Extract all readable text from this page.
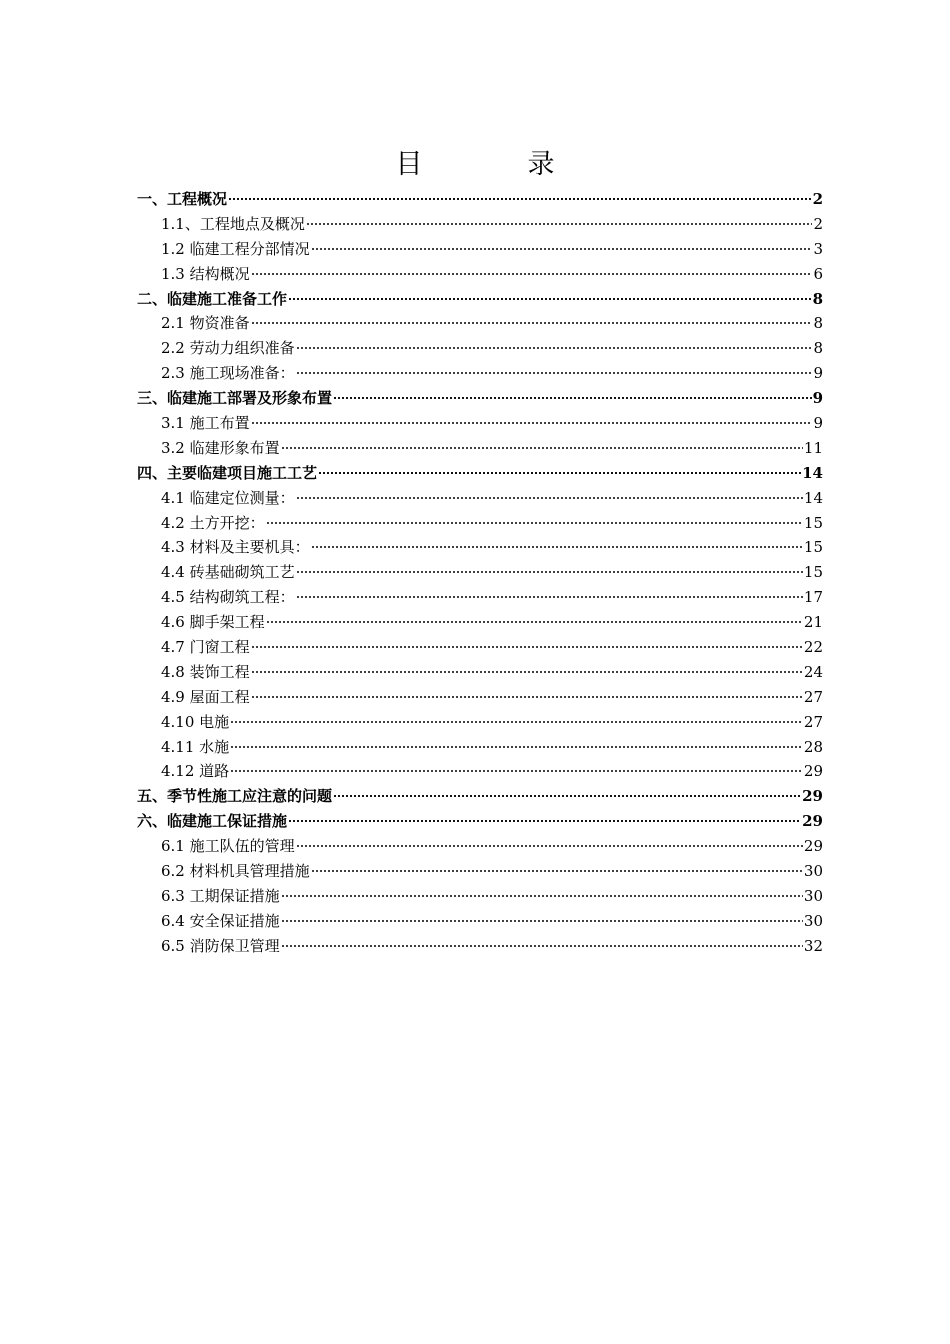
目	录
一、工程概况	2
1.1、工程地点及概况	2
1.2 临建工程分部情况	3
1.3 结构概况	6
二、临建施工准备工作	8
2.1 物资准备	8
2.2 劳动力组织准备	8
2.3 施工现场准备：	9
三、临建施工部署及形象布置	9
3.1 施工布置	9
3.2 临建形象布置	11
四、主要临建项目施工工艺	14
4.1 临建定位测量：	14
4.2 土方开挖：	15
4.3 材料及主要机具：	15
4.4 砖基础砌筑工艺	15
4.5 结构砌筑工程：	17
4.6 脚手架工程	21
4.7 门窗工程	22
4.8 装饰工程	24
4.9 屋面工程	27
4.10 电施	27
4.11 水施	28
4.12 道路	29
五、季节性施工应注意的问题	29
六、临建施工保证措施	29
6.1 施工队伍的管理	29
6.2 材料机具管理措施	30
6.3 工期保证措施	30
6.4 安全保证措施	30
6.5 消防保卫管理	32
